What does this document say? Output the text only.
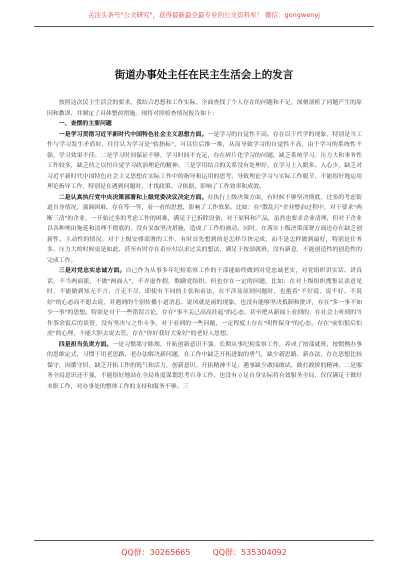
关注头条号"公文研究"，获得最新最全最专业的公文资料库！ 微信：gongwenyj
街道办事处主任在民主生活会上的发言

按照这次民主生活会的要求，我结合思想和工作实际，全面查找了个人存在的问题和不足，深刻剖析了问题产生的原因和教训，并制定了具体整改措施。现将对照检查情况报告如下：

一、查摆的主要问题

一是学习贯彻习近平新时代中国特色社会主义思想方面。一是学习的自觉性不高。存在以干代学的现象，特别是当工作与学习发生矛盾时，往往认为学习是"软指标"，可以往后推一推，从而导致学习的自觉性不高，由于学习的系统性不强，学习效果不佳。二是学习时间保证不够，学习时间不充足，存在碎片化学习的问题，缺乏系统学习。压力大和事务性工作较多，缺乏持之以恒自觉学习政治理论的精神。三是学用结合的关系没有处理好。在学习上入眼多、入心少，缺乏对习近平新时代中国特色社会主义思想在实际工作中的指导和运用的思考，导致理论学习与实际工作脱节，不能很好地运用理论指导工作，特别是在遇到问题时，才找政策、寻依据，影响了工作效率和成效。

二是认真执行党中央决策部署和上级党委决议决定方面。在执行上级决策方面，有时候不够坚决彻底，过多的考虑街道自身情况，强调困难，存在等一等、看一看的思想，影响了工作效果。比如：在"散乱污"企业整治过程中，对于要求"两断三清"的企业，一开始过多的考虑工作的困难，满足于已拆除设备，对于原料和产品，虽然也要求企业清理，但对于企业以各种理由拖延和清理不彻底的，没有采取坚决措施，造成了工作的被动。同时，在落实上级决策部署方面还存在缺乏创新性、主动性的情况。对于上级安排部署的工作，有时首先想到的是怎样尽快完成，而不是怎样做到最好，特别是任务多、压力大的时候更是如此，甚至有时存在着应付以求过关的想法，满足于按部就班，没有新意，不能创造性的创造性的完成工作。

三是对党忠实忠诚方面。自己作为从事多年纪检监察工作的干部能始终做到对党忠诚老实，对党组织讲实话、讲真话，不当两面派，不做"两面人"，不弄虚作假，欺瞒党组织。但也存在一定的问题，比如：在对上级组织搜集议谈意见时，不能做到知无不言、言无不尽，即使有不同的主张和看法，在不涉及原则问题时，也抱着"不好说、说不好、不说好"的心态而不愿去说，对遇到的个别传播小道消息、说风就是雨的现象，也没有能够坚决抵制和批评，存在"多一事不如少一事"的思想。特别是对于一些错误言论，存在"事不关己高高挂起"的心态，甚至把从新闻上看到的、在社会上听到的当作茶余饭后的谈资，没有坚决与之作斗争。对于看到的一些问题，一定程度上存在"明哲保身"的心态，存在"前怕狼后怕虎"的心理，不能大胆去说去管，存在"你好我好大家好"的老好人思想。

四是担当负责方面。一是习惯墨守陈规，开拓创新意识不强。长期从事纪检监察工作，养成了按部就班、按惯例办事的思维定式，习惯于用老思路、老办法解决新问题，在工作中缺乏开拓进取的勇气，缺少新思路、新办法，存在思想比较保守，因循守旧，缺乏开拓工作的锐气和活力，创新意识、开拓精神不足，遇事缺少敢闯敢试、敢打敢拼的精神。二是服务全局意识还不强，不能很好地站在全局角度谋划思考自身工作，也没有立足自身实际将有效服务全局，仅仅满足于做好本职工作，对办事处的整体工作的支持和服务不够。三

QQ群：30265665	QQ群：535304092
